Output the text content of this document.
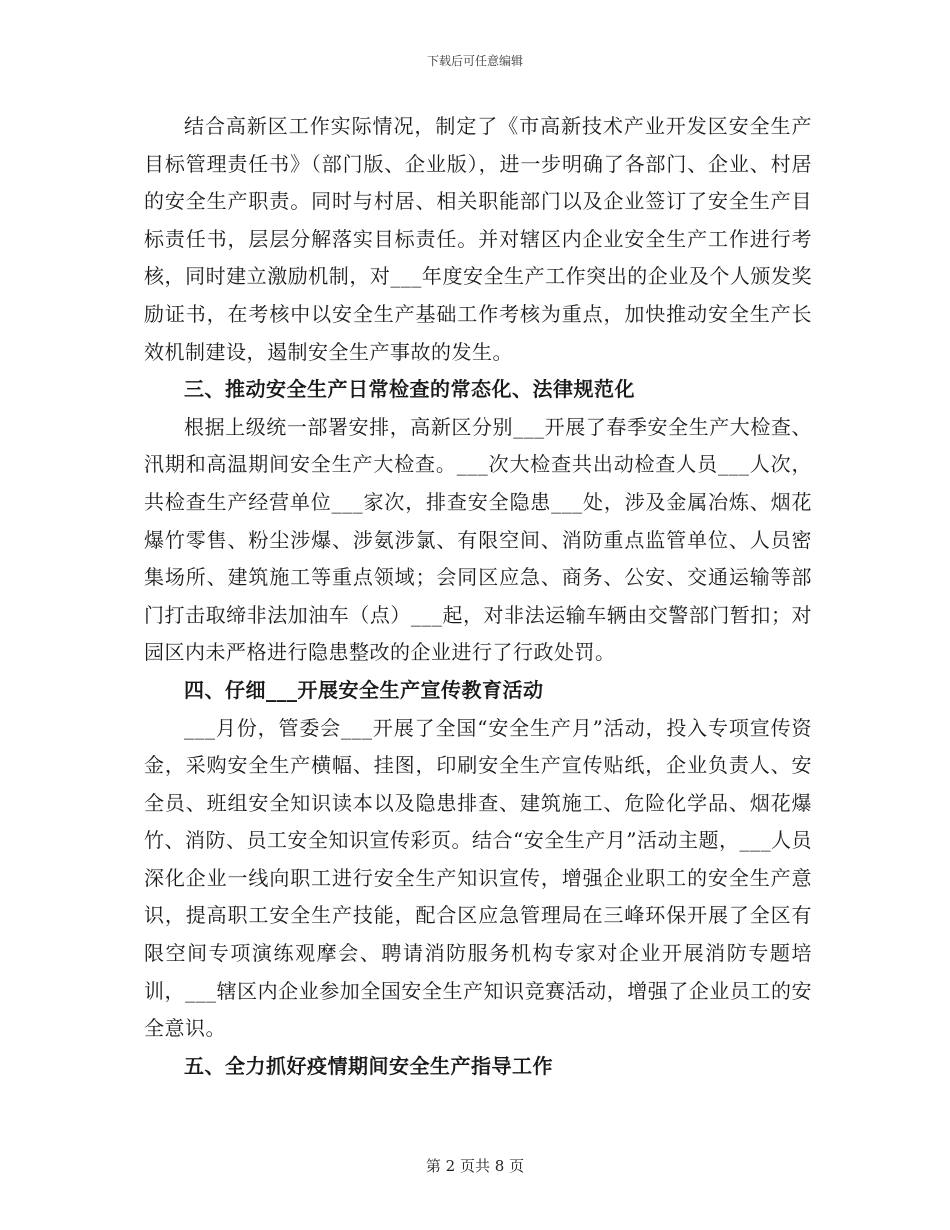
下载后可任意编辑

结合高新区工作实际情况，制定了《市高新技术产业开发区安全生产目标管理责任书》（部门版、企业版），进一步明确了各部门、企业、村居的安全生产职责。同时与村居、相关职能部门以及企业签订了安全生产目标责任书，层层分解落实目标责任。并对辖区内企业安全生产工作进行考核，同时建立激励机制，对___年度安全生产工作突出的企业及个人颁发奖励证书，在考核中以安全生产基础工作考核为重点，加快推动安全生产长效机制建设，遏制安全生产事故的发生。

三、推动安全生产日常检查的常态化、法律规范化

根据上级统一部署安排，高新区分别___开展了春季安全生产大检查、汛期和高温期间安全生产大检查。___次大检查共出动检查人员___人次，共检查生产经营单位___家次，排查安全隐患___处，涉及金属冶炼、烟花爆竹零售、粉尘涉爆、涉氨涉氯、有限空间、消防重点监管单位、人员密集场所、建筑施工等重点领域；会同区应急、商务、公安、交通运输等部门打击取缔非法加油车（点）___起，对非法运输车辆由交警部门暂扣；对园区内未严格进行隐患整改的企业进行了行政处罚。

四、仔细___开展安全生产宣传教育活动

___月份，管委会___开展了全国“安全生产月”活动，投入专项宣传资金，采购安全生产横幅、挂图，印刷安全生产宣传贴纸，企业负责人、安全员、班组安全知识读本以及隐患排查、建筑施工、危险化学品、烟花爆竹、消防、员工安全知识宣传彩页。结合“安全生产月”活动主题，___人员深化企业一线向职工进行安全生产知识宣传，增强企业职工的安全生产意识，提高职工安全生产技能，配合区应急管理局在三峰环保开展了全区有限空间专项演练观摩会、聘请消防服务机构专家对企业开展消防专题培训，___辖区内企业参加全国安全生产知识竞赛活动，增强了企业员工的安全意识。

五、全力抓好疫情期间安全生产指导工作

第 2 页共 8 页
